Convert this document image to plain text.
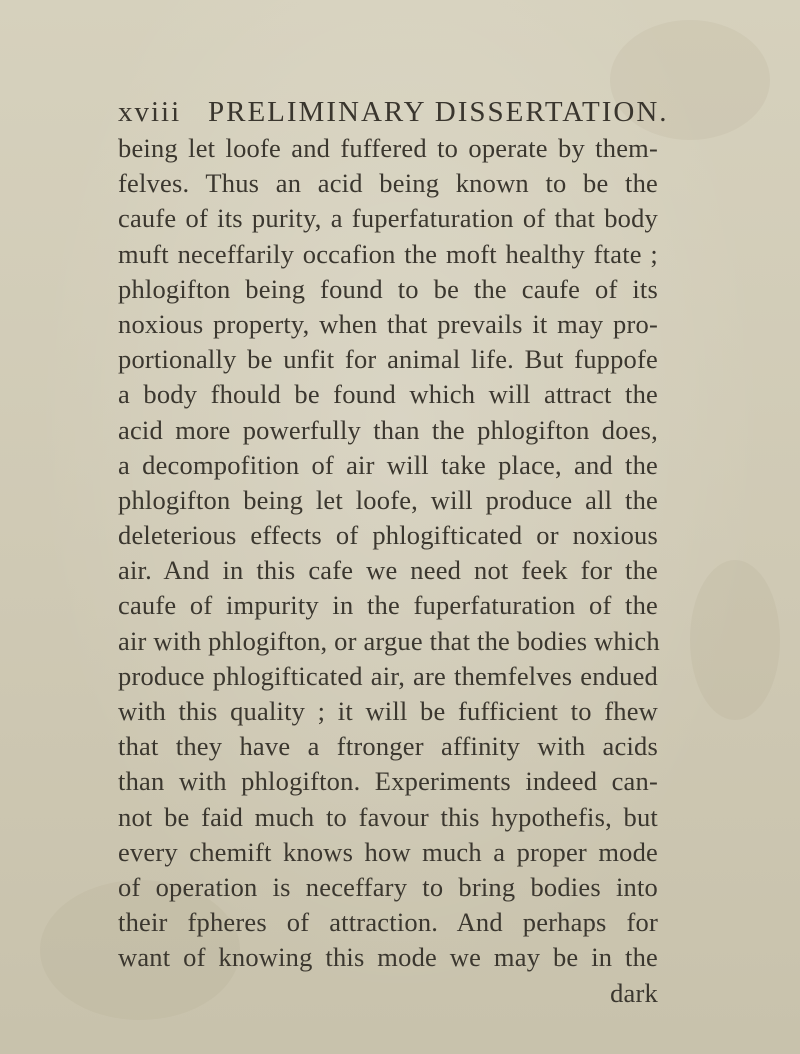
xviii PRELIMINARY DISSERTATION.
being let loofe and fuffered to operate by them-
felves. Thus an acid being known to be the
caufe of its purity, a fuperfaturation of that body
muft neceffarily occafion the moft healthy ftate ;
phlogifton being found to be the caufe of its
noxious property, when that prevails it may pro-
portionally be unfit for animal life. But fuppofe
a body fhould be found which will attract the
acid more powerfully than the phlogifton does,
a decompofition of air will take place, and the
phlogifton being let loofe, will produce all the
deleterious effects of phlogifticated or noxious
air. And in this cafe we need not feek for the
caufe of impurity in the fuperfaturation of the
air with phlogifton, or argue that the bodies which
produce phlogifticated air, are themfelves endued
with this quality ; it will be fufficient to fhew
that they have a ftronger affinity with acids
than with phlogifton. Experiments indeed can-
not be faid much to favour this hypothefis, but
every chemift knows how much a proper mode
of operation is neceffary to bring bodies into
their fpheres of attraction. And perhaps for
want of knowing this mode we may be in the
dark
